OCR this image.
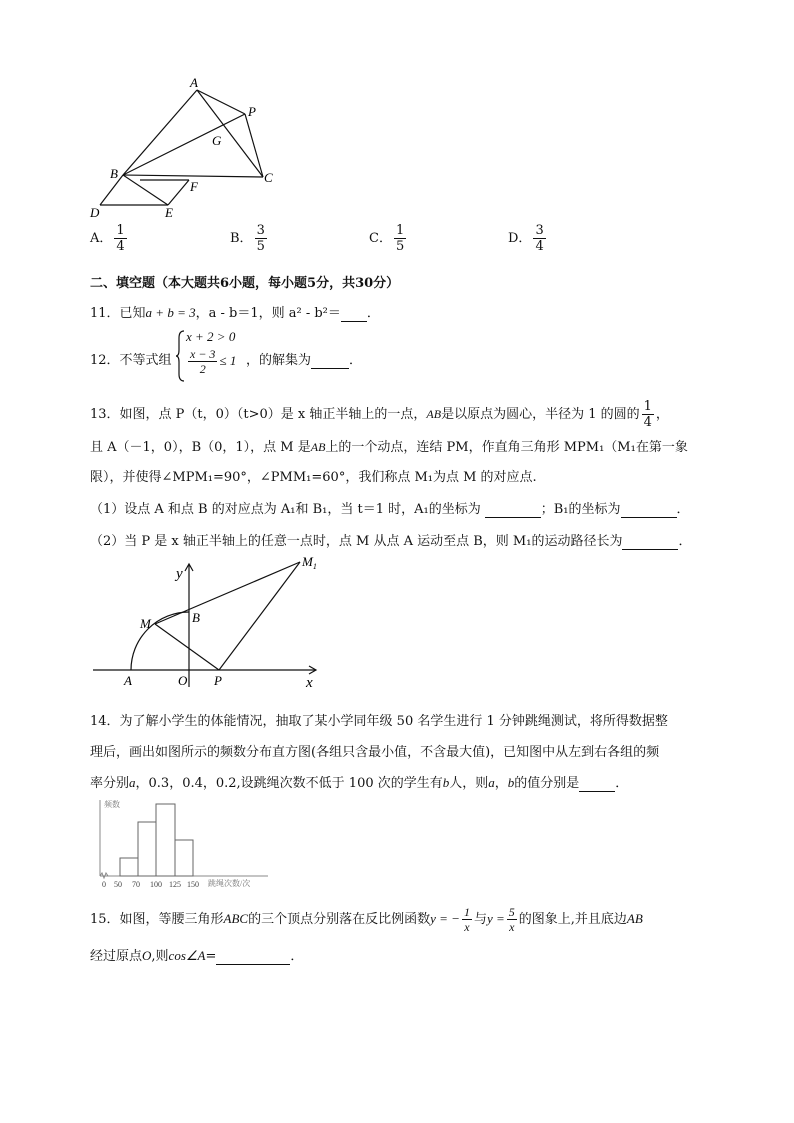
A
P
G
B	C
F
D	E
A． $\frac{1}{4}$	B． $\frac{3}{5}$	C． $\frac{1}{5}$	D． $\frac{3}{4}$
二、填空题（本大题共6小题，每小题5分，共30分）
11．已知a + b = 3，a - b＝1，则 a² - b²＝ ．
12．不等式组
x + 2 > 0
$\frac{x - 3}{2} \le 1$ ，的解集为	．
13．如图，点 P（t，0）（t>0）是 x 轴正半轴上的一点，AB是以原点为圆心，半径为 1 的圆的 $\frac{1}{4}$ ，
且 A（－1，0），B（0，1），点 M 是AB上的一个动点，连结 PM，作直角三角形 MPM₁（M₁在第一象
限），并使得∠MPM₁=90°，∠PMM₁=60°，我们称点 M₁为点 M 的对应点.
（1）设点 A 和点 B 的对应点为 A₁和 B₁，当 t＝1 时，A₁的坐标为	；B₁的坐标为	．
（2）当 P 是 x 轴正半轴上的任意一点时，点 M 从点 A 运动至点 B，则 M₁的运动路径长为	．
y
$M_1$
M	B
A	O P	x
14．为了解小学生的体能情况，抽取了某小学同年级 50 名学生进行 1 分钟跳绳测试，将所得数据整
理后，画出如图所示的频数分布直方图(各组只含最小值，不含最大值)，已知图中从左到右各组的频
率分别a，0.3，0.4，0.2,设跳绳次数不低于 100 次的学生有b人，则a，b的值分别是	．
频数
跳绳次数/次
0 50 70 100 125 150
15．如图，等腰三角形ABC的三个顶点分别落在反比例函数y = − $\frac{1}{x}$ 与$y = \frac{5}{x}$ 的图象上,并且底边AB
经过原点O,则cos∠A=	．
